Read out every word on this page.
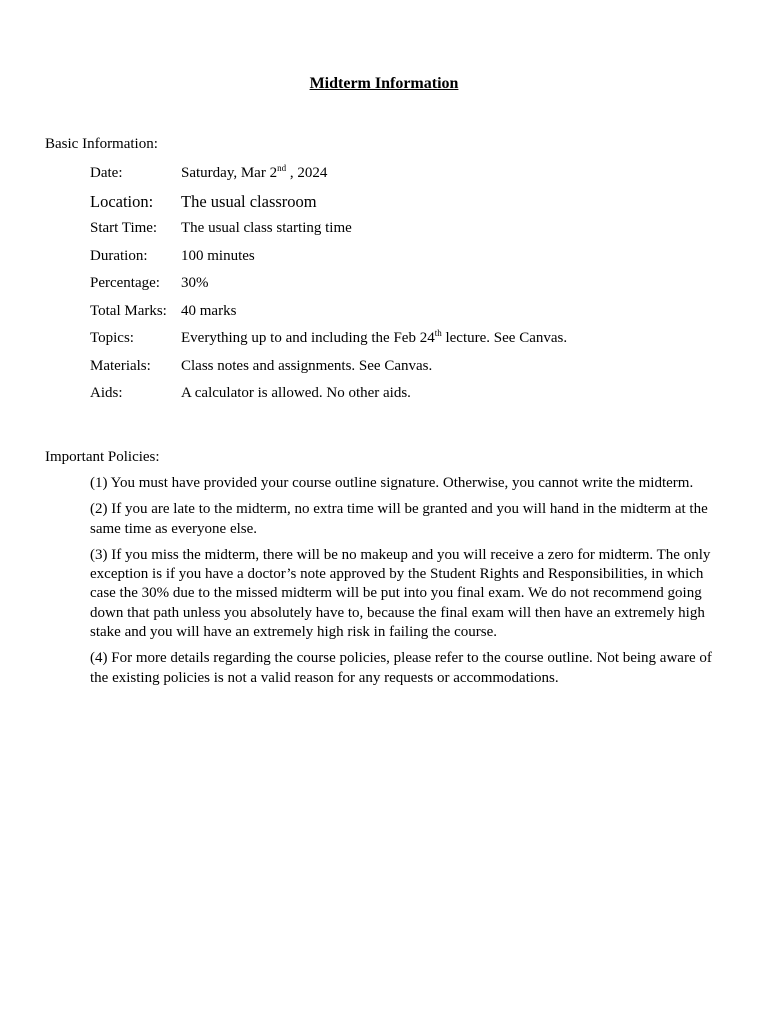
Midterm Information
Basic Information:
Date:	Saturday, Mar 2nd , 2024
Location:	The usual classroom
Start Time:	The usual class starting time
Duration:	100 minutes
Percentage:	30%
Total Marks: 40 marks
Topics:	Everything up to and including the Feb 24th lecture. See Canvas.
Materials:	Class notes and assignments. See Canvas.
Aids:	A calculator is allowed. No other aids.
Important Policies:

(1) You must have provided your course outline signature. Otherwise, you cannot write the midterm.

(2) If you are late to the midterm, no extra time will be granted and you will hand in the midterm at the same time as everyone else.

(3) If you miss the midterm, there will be no makeup and you will receive a zero for midterm. The only exception is if you have a doctor’s note approved by the Student Rights and Responsibilities, in which case the 30% due to the missed midterm will be put into you final exam. We do not recommend going down that path unless you absolutely have to, because the final exam will then have an extremely high stake and you will have an extremely high risk in failing the course.

(4) For more details regarding the course policies, please refer to the course outline. Not being aware of the existing policies is not a valid reason for any requests or accommodations.
